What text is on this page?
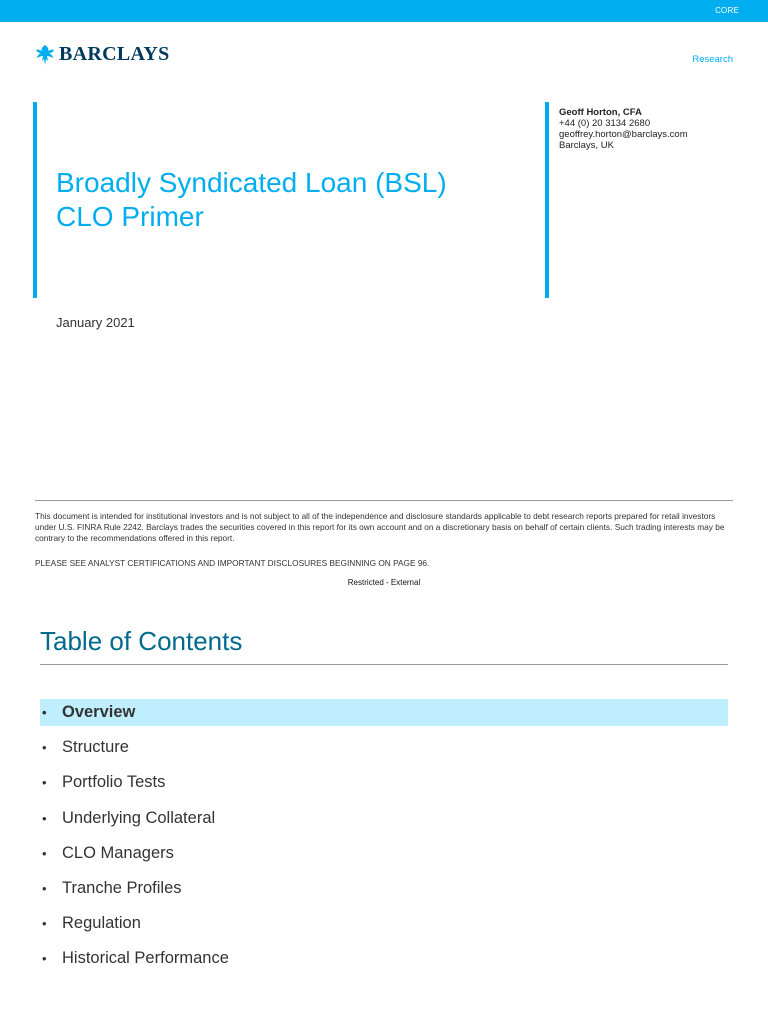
CORE
BARCLAYS	Research
Broadly Syndicated Loan (BSL)
CLO Primer
Geoff Horton, CFA
+44 (0) 20 3134 2680
geoffrey.horton@barclays.com
Barclays, UK
January 2021
This document is intended for institutional investors and is not subject to all of the independence and disclosure standards applicable to debt research reports prepared for retail investors under U.S. FINRA Rule 2242. Barclays trades the securities covered in this report for its own account and on a discretionary basis on behalf of certain clients. Such trading interests may be contrary to the recommendations offered in this report.
PLEASE SEE ANALYST CERTIFICATIONS AND IMPORTANT DISCLOSURES BEGINNING ON PAGE 96.
Restricted - External
Table of Contents
• Overview
• Structure
• Portfolio Tests
• Underlying Collateral
• CLO Managers
• Tranche Profiles
• Regulation
• Historical Performance
